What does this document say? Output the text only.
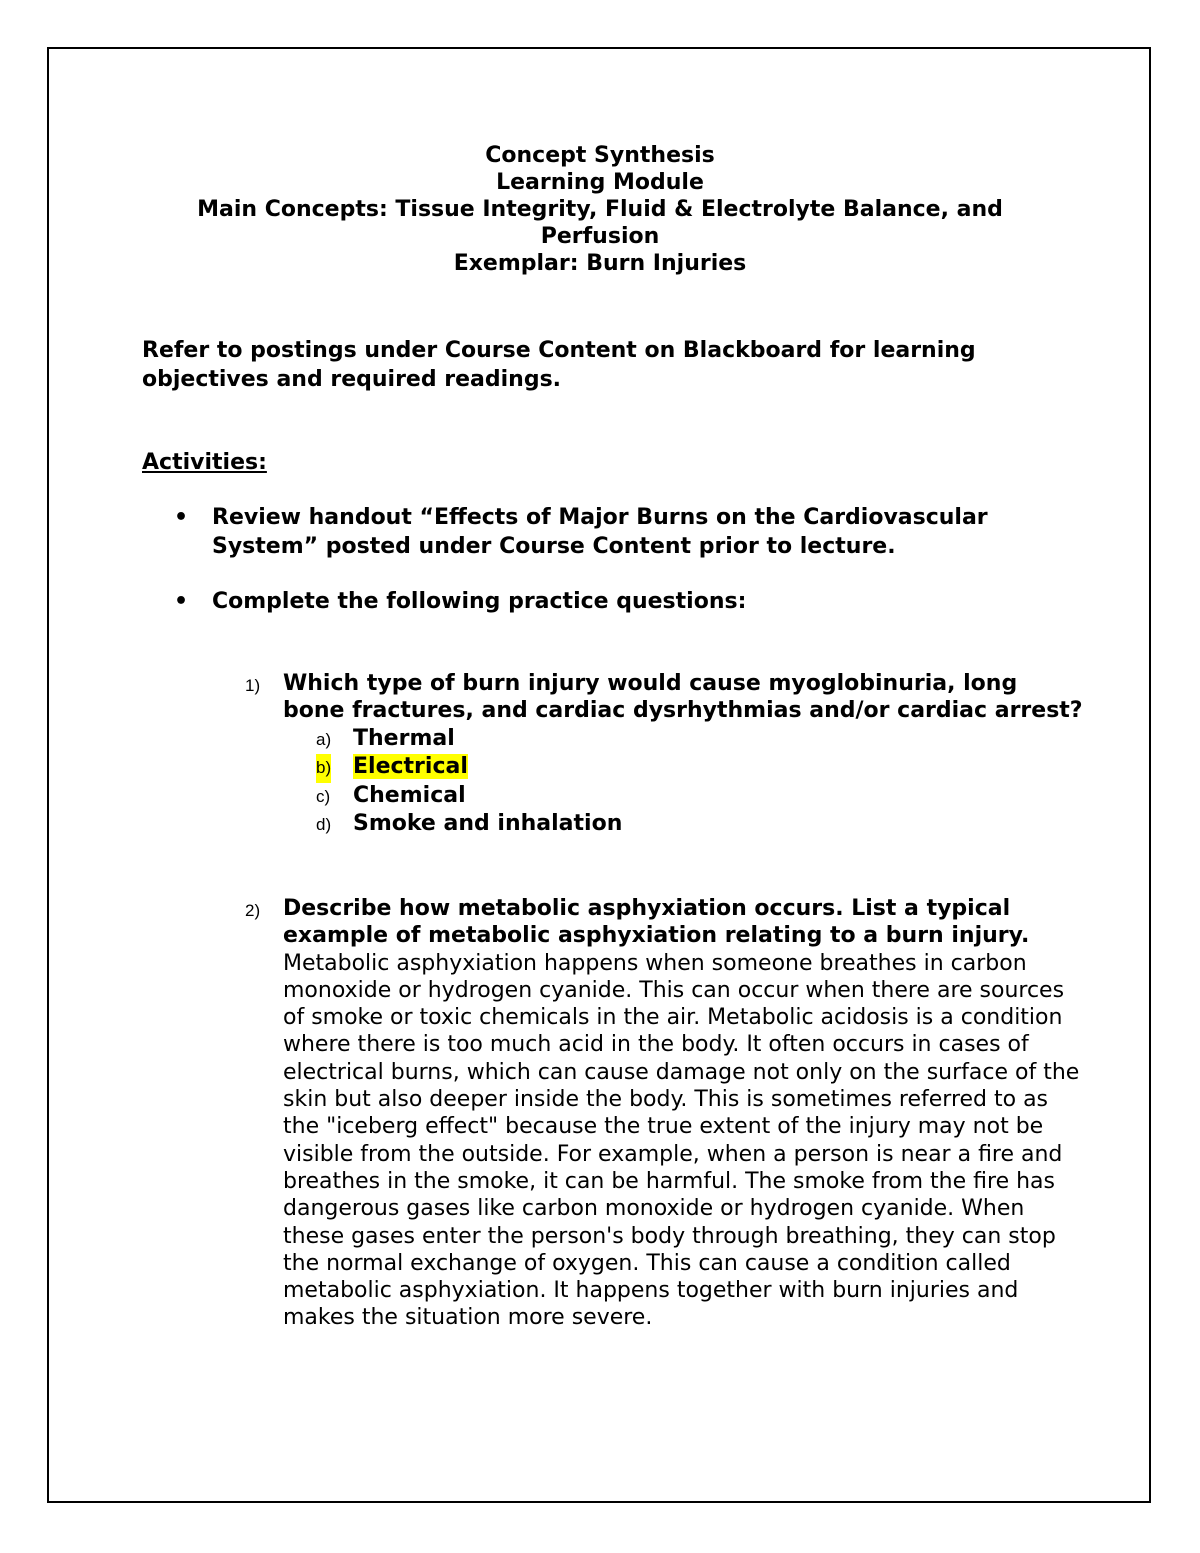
Concept Synthesis
Learning Module
Main Concepts: Tissue Integrity, Fluid & Electrolyte Balance, and Perfusion
Exemplar: Burn Injuries
Refer to postings under Course Content on Blackboard for learning objectives and required readings.
Activities:
• Review handout “Effects of Major Burns on the Cardiovascular System” posted under Course Content prior to lecture.
• Complete the following practice questions:
1) Which type of burn injury would cause myoglobinuria, long bone fractures, and cardiac dysrhythmias and/or cardiac arrest?
a) Thermal
b) Electrical
c) Chemical
d) Smoke and inhalation
2) Describe how metabolic asphyxiation occurs. List a typical example of metabolic asphyxiation relating to a burn injury.
Metabolic asphyxiation happens when someone breathes in carbon monoxide or hydrogen cyanide. This can occur when there are sources of smoke or toxic chemicals in the air. Metabolic acidosis is a condition where there is too much acid in the body. It often occurs in cases of electrical burns, which can cause damage not only on the surface of the skin but also deeper inside the body. This is sometimes referred to as the "iceberg effect" because the true extent of the injury may not be visible from the outside. For example, when a person is near a fire and breathes in the smoke, it can be harmful. The smoke from the fire has dangerous gases like carbon monoxide or hydrogen cyanide. When these gases enter the person's body through breathing, they can stop the normal exchange of oxygen. This can cause a condition called metabolic asphyxiation. It happens together with burn injuries and makes the situation more severe.
